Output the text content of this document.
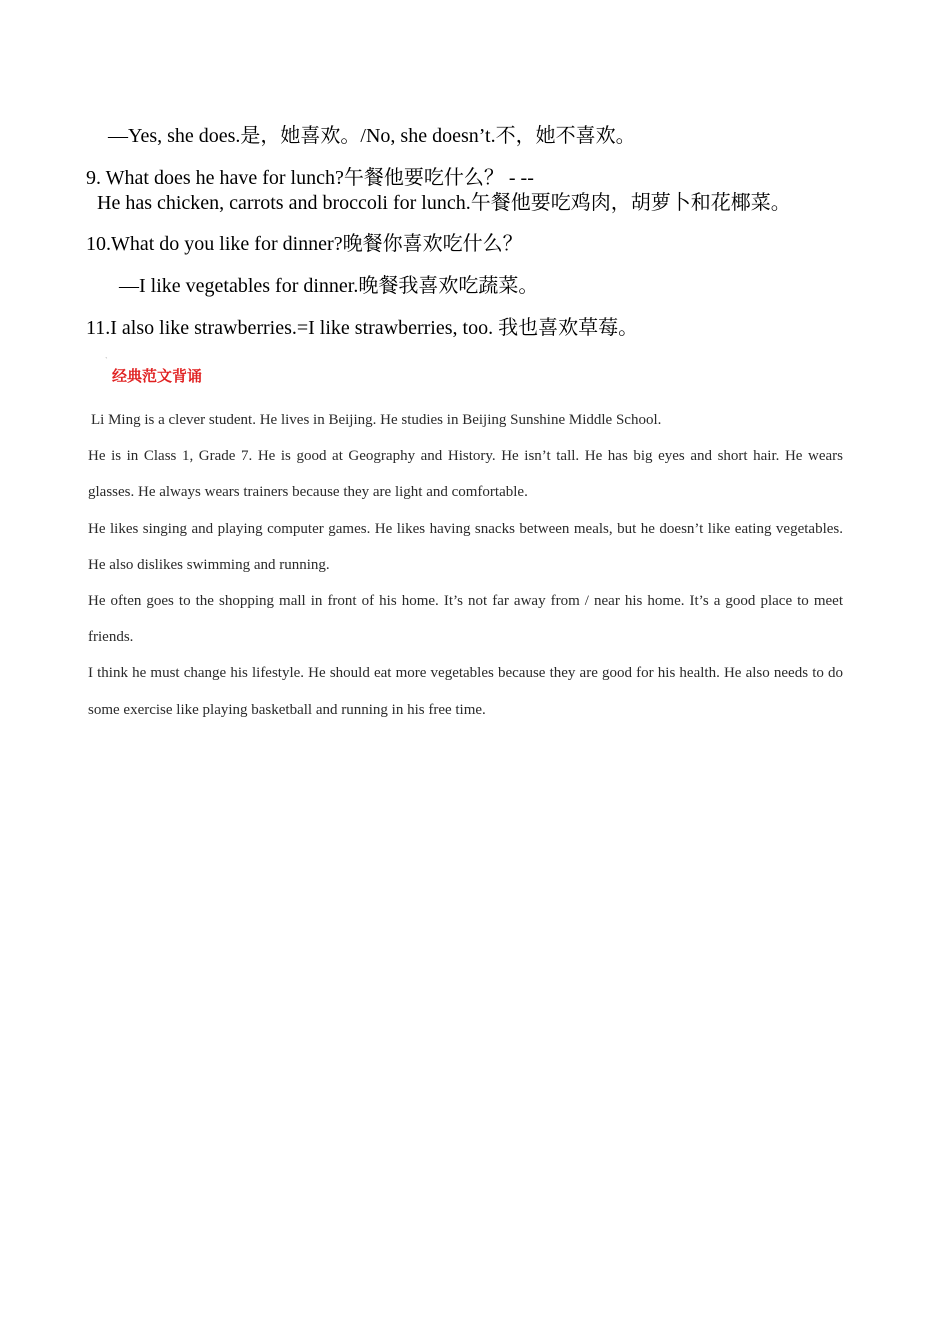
—Yes, she does.是，她喜欢。/No, she doesn’t.不，她不喜欢。
9. What does he have for lunch?午餐他要吃什么？ - --
He has chicken, carrots and broccoli for lunch.午餐他要吃鸡肉，胡萝卜和花椰菜。
10.What do you like for dinner?晚餐你喜欢吃什么？
—I like vegetables for dinner.晚餐我喜欢吃蔬菜。
11.I also like strawberries.=I like strawberries, too. 我也喜欢草莓。
`
经典范文背诵

Li Ming is a clever student. He lives in Beijing. He studies in Beijing Sunshine Middle School.

He is in Class 1, Grade 7. He is good at Geography and History. He isn’t tall. He has big eyes and short hair. He wears glasses. He always wears trainers because they are light and comfortable.

He likes singing and playing computer games. He likes having snacks between meals, but he doesn’t like eating vegetables. He also dislikes swimming and running.

He often goes to the shopping mall in front of his home. It’s not far away from / near his home. It’s a good place to meet friends.

I think he must change his lifestyle. He should eat more vegetables because they are good for his health. He also needs to do some exercise like playing basketball and running in his free time.
